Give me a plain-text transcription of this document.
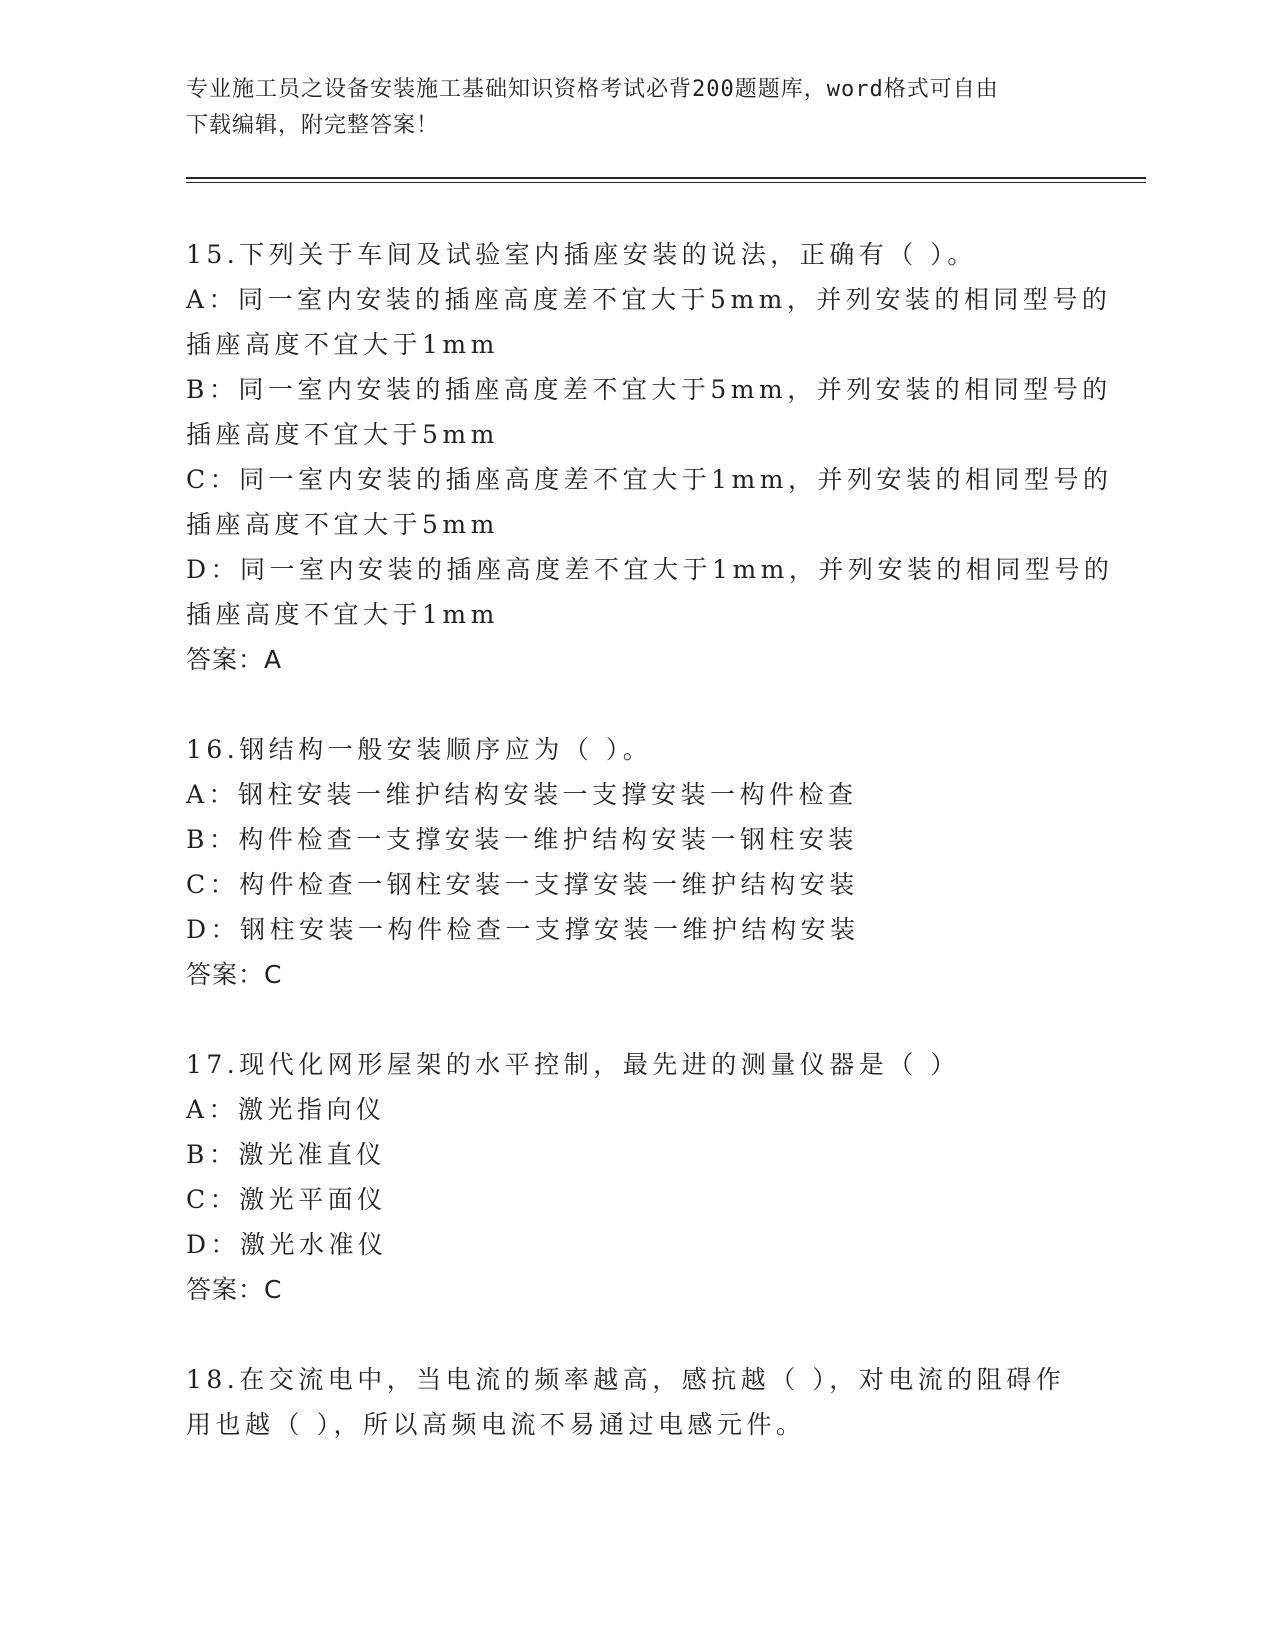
专业施工员之设备安装施工基础知识资格考试必背200题题库，word格式可自由
下载编辑，附完整答案！
15.下列关于车间及试验室内插座安装的说法，正确有（ ）。
A：同一室内安装的插座高度差不宜大于5mm，并列安装的相同型号的
插座高度不宜大于1mm
B：同一室内安装的插座高度差不宜大于5mm，并列安装的相同型号的
插座高度不宜大于5mm
C：同一室内安装的插座高度差不宜大于1mm，并列安装的相同型号的
插座高度不宜大于5mm
D：同一室内安装的插座高度差不宜大于1mm，并列安装的相同型号的
插座高度不宜大于1mm
答案：A
16.钢结构一般安装顺序应为（ ）。
A：钢柱安装一维护结构安装一支撑安装一构件检查
B：构件检查一支撑安装一维护结构安装一钢柱安装
C：构件检查一钢柱安装一支撑安装一维护结构安装
D：钢柱安装一构件检查一支撑安装一维护结构安装
答案：C
17.现代化网形屋架的水平控制，最先进的测量仪器是（ ）
A：激光指向仪
B：激光准直仪
C：激光平面仪
D：激光水准仪
答案：C
18.在交流电中，当电流的频率越高，感抗越（ ），对电流的阻碍作
用也越（ ），所以高频电流不易通过电感元件。
